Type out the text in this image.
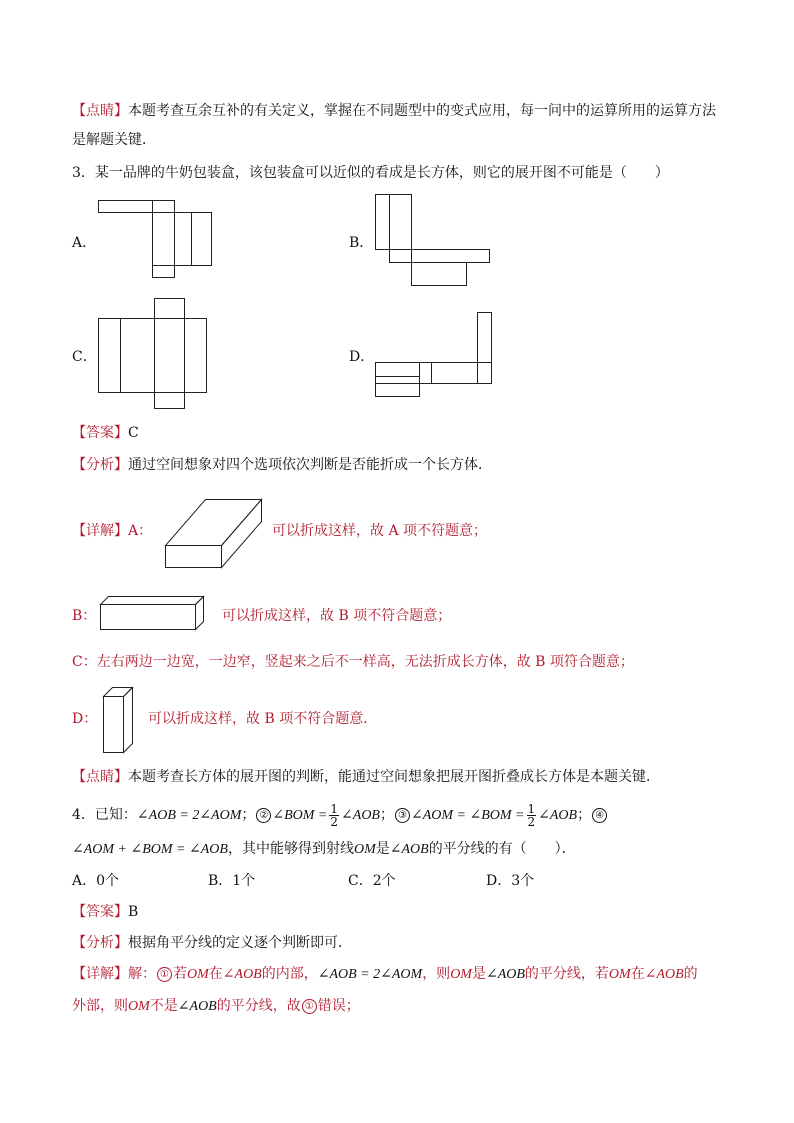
【点睛】本题考查互余互补的有关定义，掌握在不同题型中的变式应用，每一问中的运算所用的运算方法
是解题关键．
3．某一品牌的牛奶包装盒，该包装盒可以近似的看成是长方体，则它的展开图不可能是（　　）
A．	B．
C．	D．
【答案】C
【分析】通过空间想象对四个选项依次判断是否能折成一个长方体．
【详解】A：	可以折成这样，故 A 项不符题意；
B：	可以折成这样，故 B 项不符合题意；
C：左右两边一边宽，一边窄，竖起来之后不一样高，无法折成长方体，故 B 项符合题意；
D：	可以折成这样，故 B 项不符合题意．
【点睛】本题考查长方体的展开图的判断，能通过空间想象把展开图折叠成长方体是本题关键．
4．已知：∠AOB = 2∠AOM； ② ∠BOM = $\frac{1}{2}$ ∠AOB； ③ ∠AOM = ∠BOM = $\frac{1}{2}$ ∠AOB； ④
∠AOM + ∠BOM = ∠AOB，其中能够得到射线OM是∠AOB的平分线的有（　　）．
A．0个	B．1个	C．2个	D．3个
【答案】B
【分析】根据角平分线的定义逐个判断即可．
【详解】解： ① 若OM在∠AOB的内部，∠AOB = 2∠AOM，则OM是∠AOB的平分线，若OM在∠AOB的
外部，则OM不是∠AOB的平分线，故 ① 错误；
